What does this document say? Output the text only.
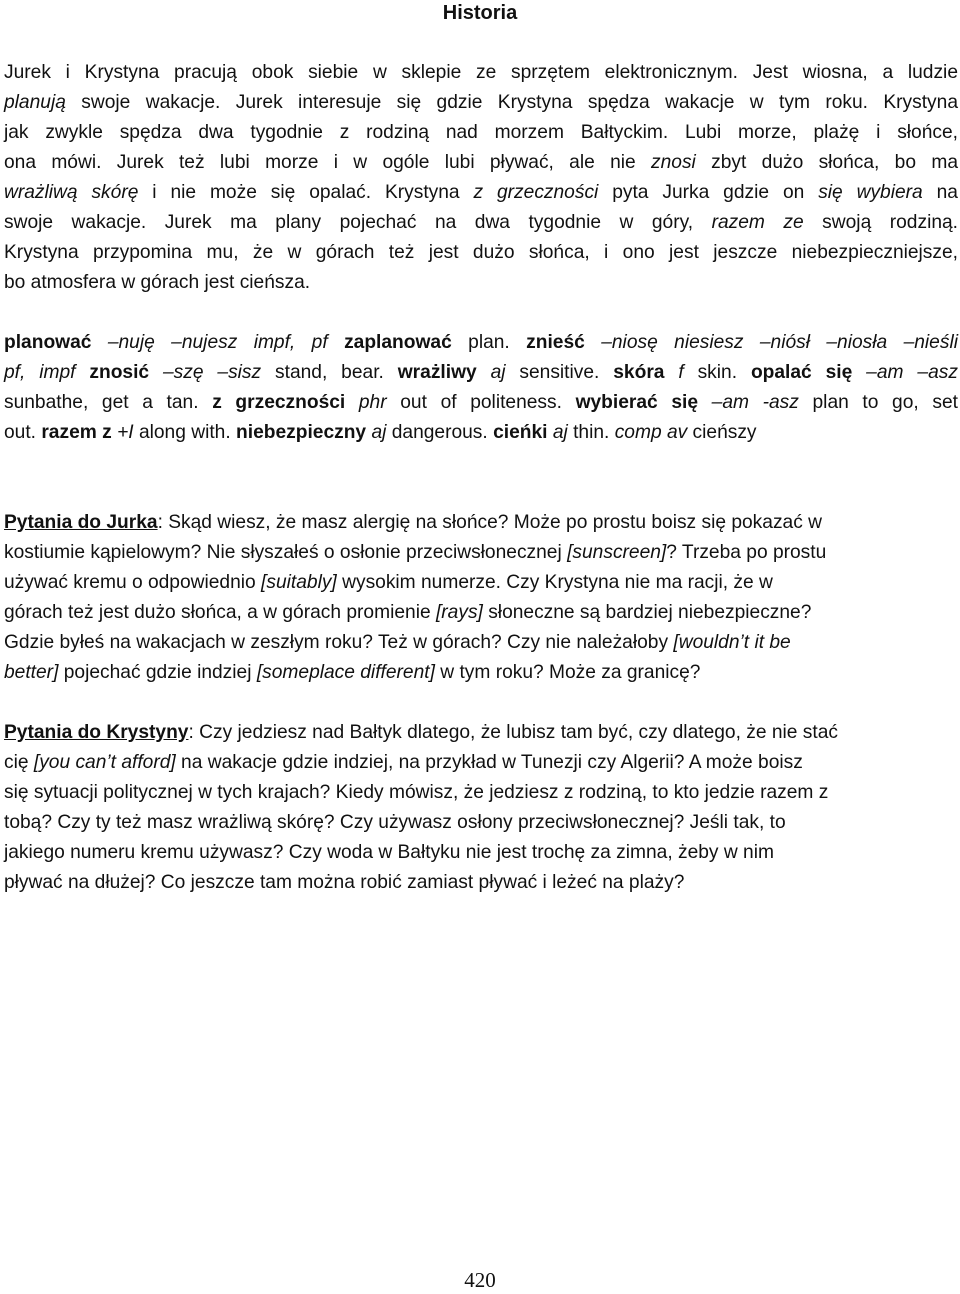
Historia
Jurek i Krystyna pracują obok siebie w sklepie ze sprzętem elektronicznym. Jest wiosna, a ludzie
planują swoje wakacje. Jurek interesuje się gdzie Krystyna spędza wakacje w tym roku. Krystyna
jak zwykle spędza dwa tygodnie z rodziną nad morzem Bałtyckim. Lubi morze, plażę i słońce,
ona mówi. Jurek też lubi morze i w ogóle lubi pływać, ale nie znosi zbyt dużo słońca, bo ma
wrażliwą skórę i nie może się opalać. Krystyna z grzeczności pyta Jurka gdzie on się wybiera na
swoje wakacje. Jurek ma plany pojechać na dwa tygodnie w góry, razem ze swoją rodziną.
Krystyna przypomina mu, że w górach też jest dużo słońca, i ono jest jeszcze niebezpieczniejsze,
bo atmosfera w górach jest cieńsza.
planować –nuję –nujesz impf, pf zaplanować plan. znieść –niosę niesiesz –niósł –niosła –nieśli
pf, impf znosić –szę –sisz stand, bear. wrażliwy aj sensitive. skóra f skin. opalać się –am –asz
sunbathe, get a tan. z grzeczności phr out of politeness. wybierać się –am -asz plan to go, set
out. razem z +I along with. niebezpieczny aj dangerous. cieńki aj thin. comp av cieńszy
Pytania do Jurka: Skąd wiesz, że masz alergię na słońce? Może po prostu boisz się pokazać w
kostiumie kąpielowym? Nie słyszałeś o osłonie przeciwsłonecznej [sunscreen]? Trzeba po prostu
używać kremu o odpowiednio [suitably] wysokim numerze. Czy Krystyna nie ma racji, że w
górach też jest dużo słońca, a w górach promienie [rays] słoneczne są bardziej niebezpieczne?
Gdzie byłeś na wakacjach w zeszłym roku? Też w górach? Czy nie należałoby [wouldn’t it be
better] pojechać gdzie indziej [someplace different] w tym roku? Może za granicę?
Pytania do Krystyny: Czy jedziesz nad Bałtyk dlatego, że lubisz tam być, czy dlatego, że nie stać
cię [you can’t afford] na wakacje gdzie indziej, na przykład w Tunezji czy Algerii? A może boisz
się sytuacji politycznej w tych krajach? Kiedy mówisz, że jedziesz z rodziną, to kto jedzie razem z
tobą? Czy ty też masz wrażliwą skórę? Czy używasz osłony przeciwsłonecznej? Jeśli tak, to
jakiego numeru kremu używasz? Czy woda w Bałtyku nie jest trochę za zimna, żeby w nim
pływać na dłużej? Co jeszcze tam można robić zamiast pływać i leżeć na plaży?
420
